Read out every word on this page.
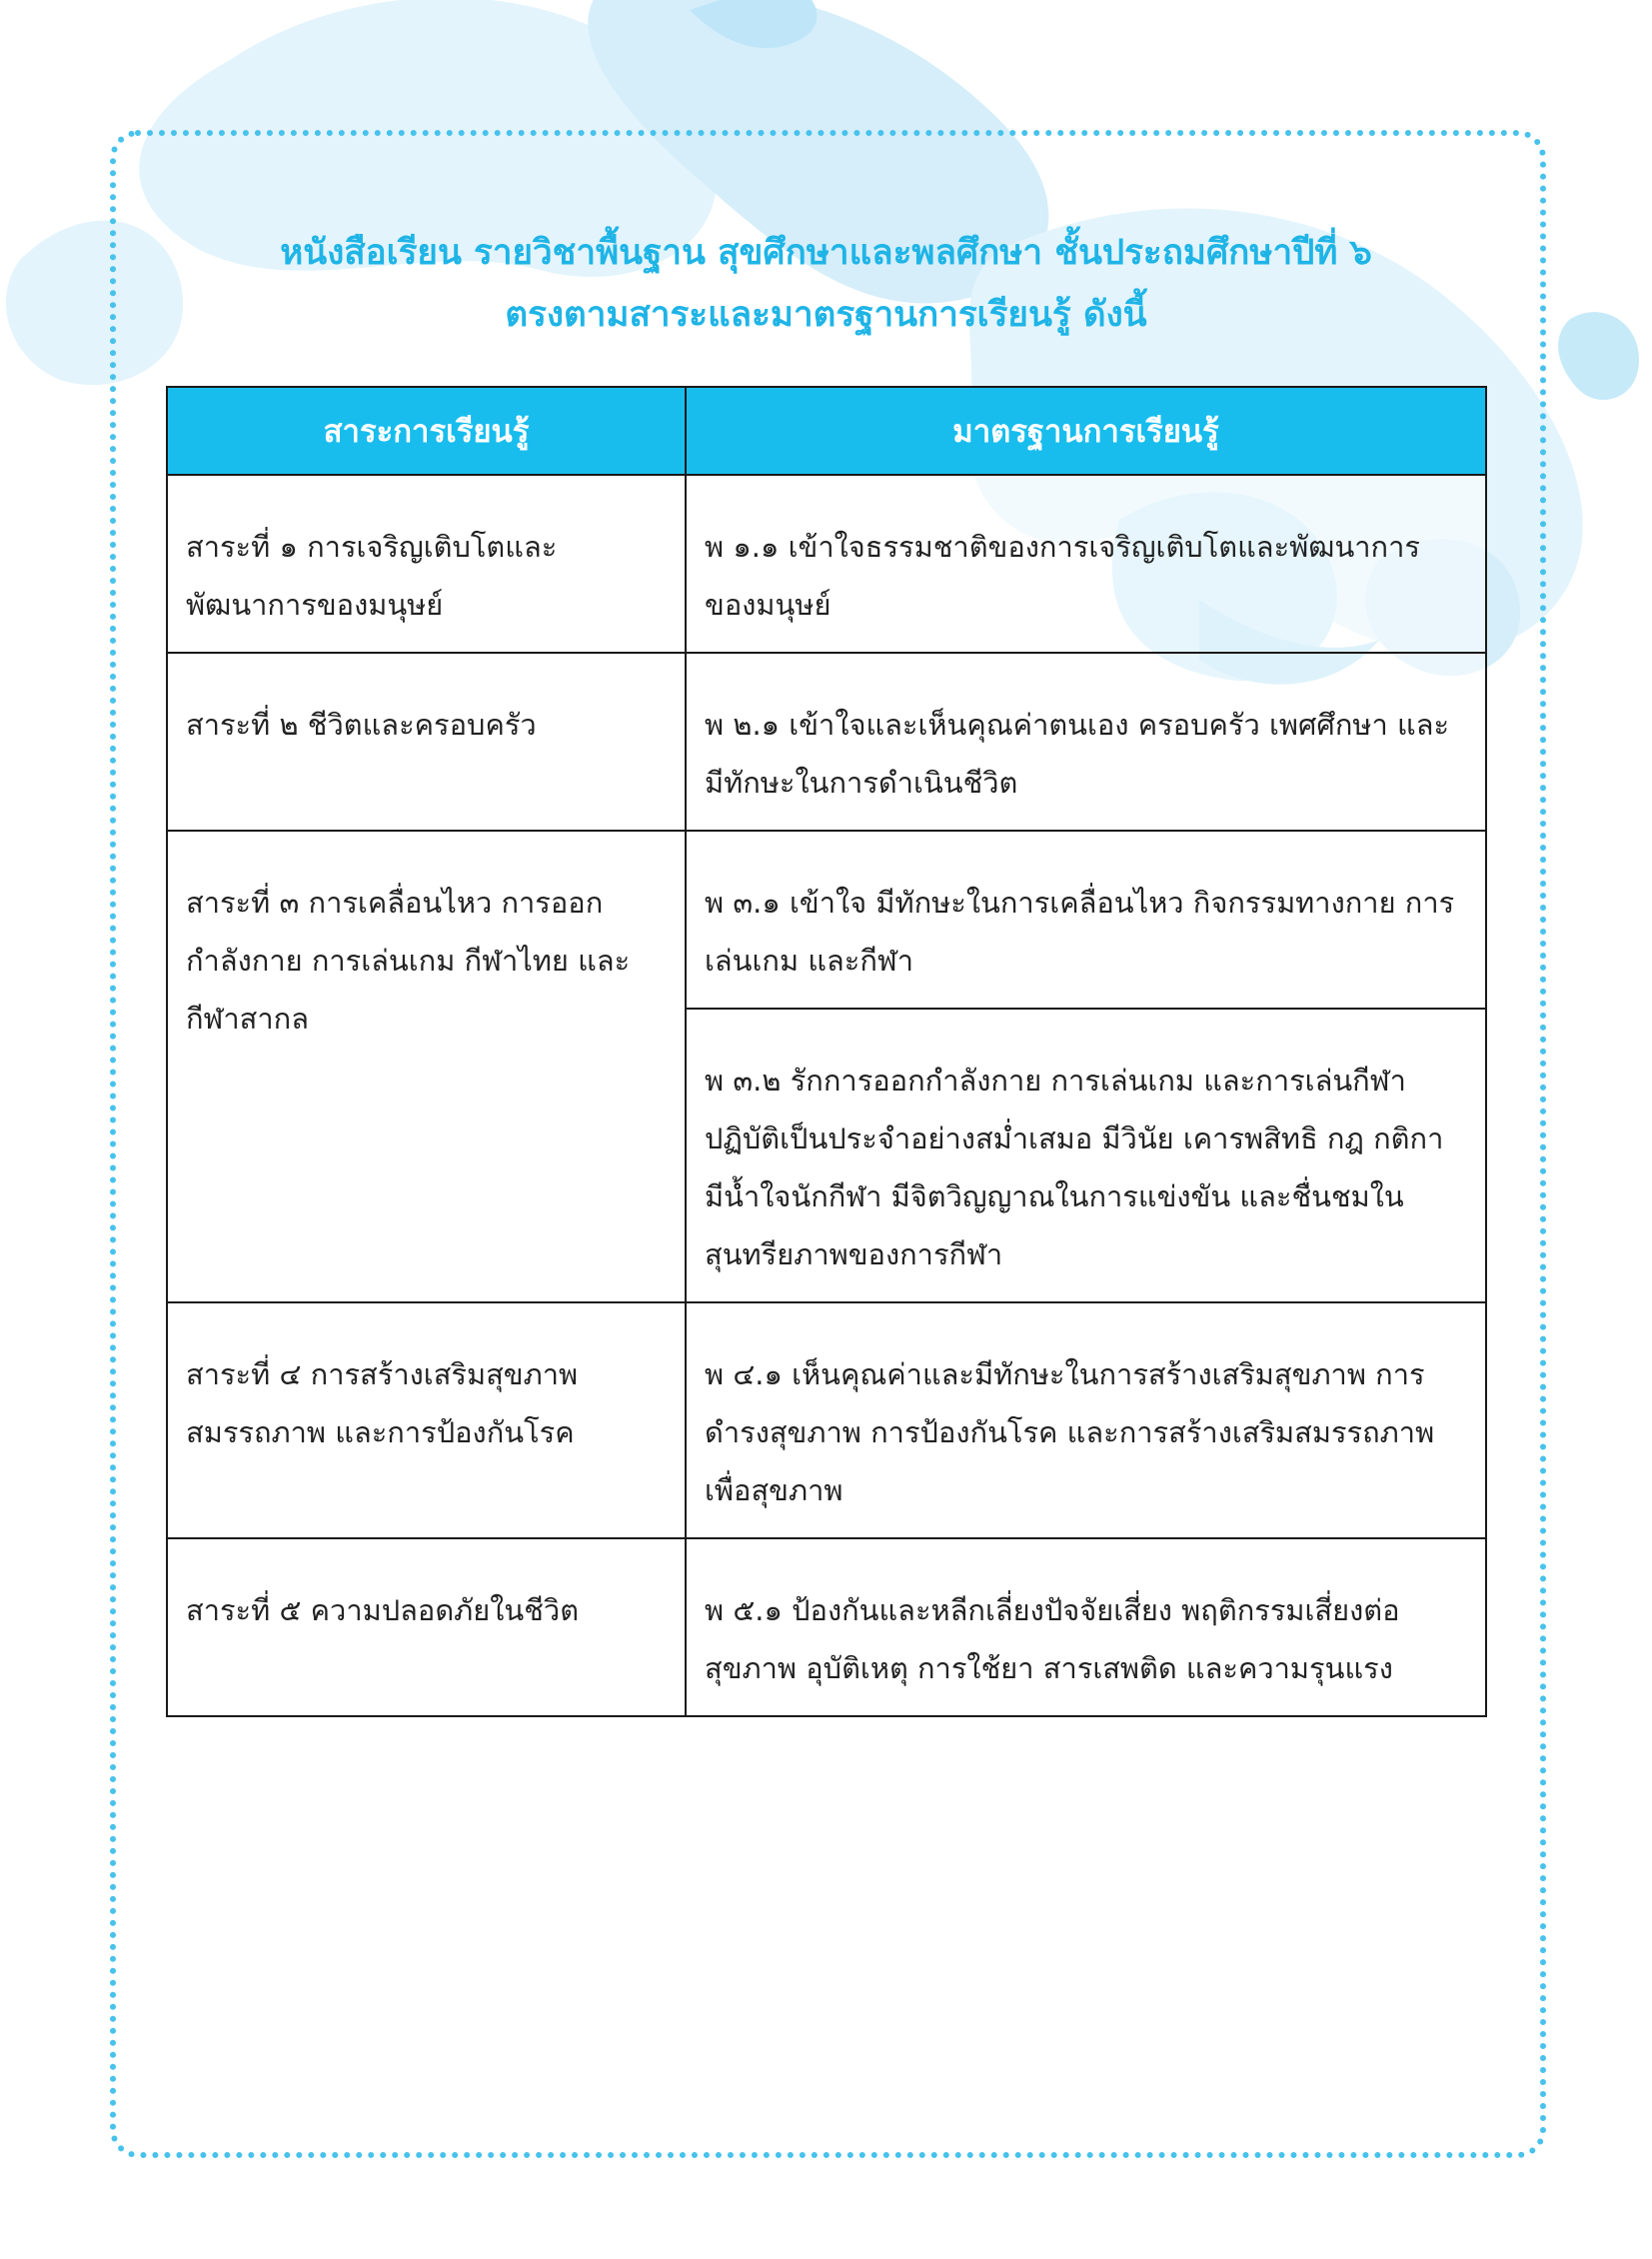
หนังสือเรียน รายวิชาพื้นฐาน สุขศึกษาและพลศึกษา ชั้นประถมศึกษาปีที่ ๖
ตรงตามสาระและมาตรฐานการเรียนรู้ ดังนี้
สาระการเรียนรู้	มาตรฐานการเรียนรู้
สาระที่ ๑ การเจริญเติบโตและพัฒนาการของมนุษย์	พ ๑.๑ เข้าใจธรรมชาติของการเจริญเติบโตและพัฒนาการของมนุษย์
สาระที่ ๒ ชีวิตและครอบครัว	พ ๒.๑ เข้าใจและเห็นคุณค่าตนเอง ครอบครัว เพศศึกษา และมีทักษะในการดำเนินชีวิต
สาระที่ ๓ การเคลื่อนไหว การออกกำลังกาย การเล่นเกม กีฬาไทย และกีฬาสากล	พ ๓.๑ เข้าใจ มีทักษะในการเคลื่อนไหว กิจกรรมทางกาย การเล่นเกม และกีฬา
	พ ๓.๒ รักการออกกำลังกาย การเล่นเกม และการเล่นกีฬา ปฏิบัติเป็นประจำอย่างสม่ำเสมอ มีวินัย เคารพสิทธิ กฎ กติกา มีน้ำใจนักกีฬา มีจิตวิญญาณในการแข่งขัน และชื่นชมในสุนทรียภาพของการกีฬา
สาระที่ ๔ การสร้างเสริมสุขภาพ สมรรถภาพ และการป้องกันโรค	พ ๔.๑ เห็นคุณค่าและมีทักษะในการสร้างเสริมสุขภาพ การดำรงสุขภาพ การป้องกันโรค และการสร้างเสริมสมรรถภาพเพื่อสุขภาพ
สาระที่ ๕ ความปลอดภัยในชีวิต	พ ๕.๑ ป้องกันและหลีกเลี่ยงปัจจัยเสี่ยง พฤติกรรมเสี่ยงต่อสุขภาพ อุบัติเหตุ การใช้ยา สารเสพติด และความรุนแรง
